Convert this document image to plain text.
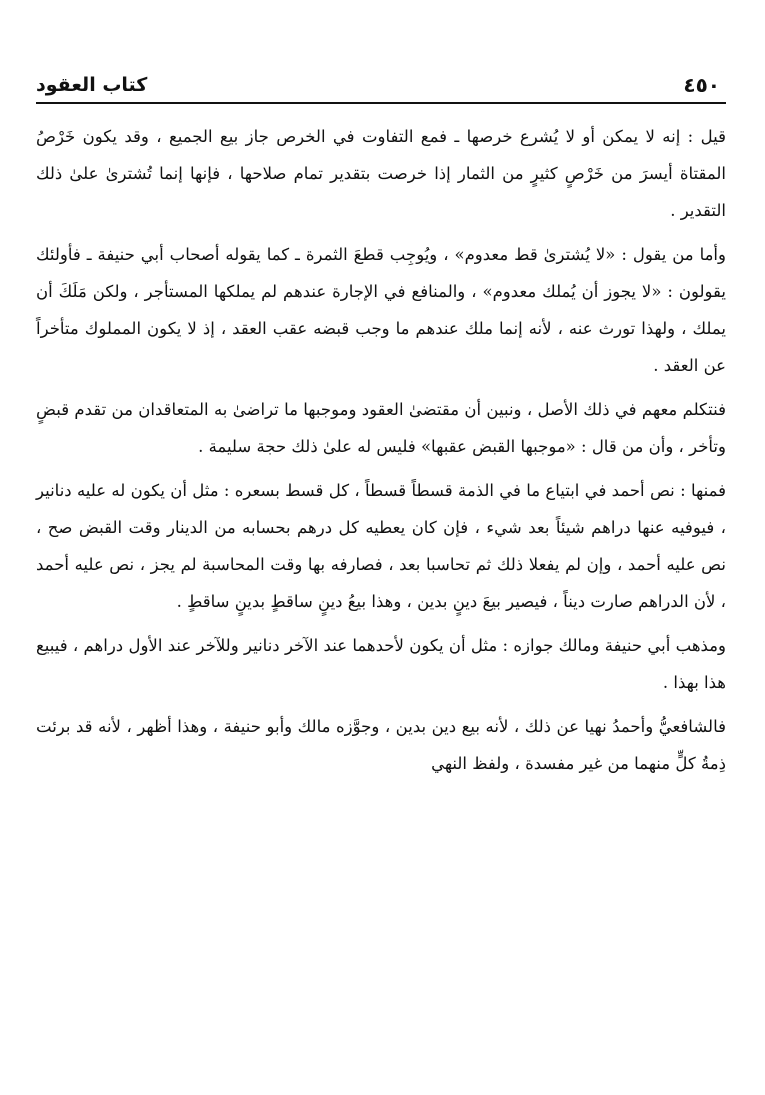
٤٥٠
كتاب العقود

قيل : إنه لا يمكن أو لا يُشرع خرصها ـ فمع التفاوت في الخرص جاز بيع الجميع ، وقد يكون خَرْصُ المقتاة أيسرَ من خَرْصٍ كثيرٍ من الثمار إذا خرصت بتقدير تمام صلاحها ، فإنها إنما تُشترىٰ علىٰ ذلك التقدير .

وأما من يقول : «لا يُشترىٰ قط معدوم» ، ويُوجِب قطعَ الثمرة ـ كما يقوله أصحاب أبي حنيفة ـ فأولئك يقولون : «لا يجوز أن يُملك معدوم» ، والمنافع في الإجارة عندهم لم يملكها المستأجر ، ولكن مَلَكَ أن يملك ، ولهذا تورث عنه ، لأنه إنما ملك عندهم ما وجب قبضه عقب العقد ، إذ لا يكون المملوك متأخراً عن العقد .

فنتكلم معهم في ذلك الأصل ، ونبين أن مقتضىٰ العقود وموجبها ما تراضىٰ به المتعاقدان من تقدم قبضٍ وتأخر ، وأن من قال : «موجبها القبض عقبها» فليس له علىٰ ذلك حجة سليمة .

فمنها : نص أحمد في ابتياع ما في الذمة قسطاً قسطاً ، كل قسط بسعره : مثل أن يكون له عليه دنانير ، فيوفيه عنها دراهم شيئاً بعد شيء ، فإن كان يعطيه كل درهم بحسابه من الدينار وقت القبض صح ، نص عليه أحمد ، وإن لم يفعلا ذلك ثم تحاسبا بعد ، فصارفه بها وقت المحاسبة لم يجز ، نص عليه أحمد ، لأن الدراهم صارت ديناً ، فيصير بيعَ دينٍ بدين ، وهذا بيعُ دينٍ ساقطٍ بدينٍ ساقطٍ .

ومذهب أبي حنيفة ومالك جوازه : مثل أن يكون لأحدهما عند الآخر دنانير وللآخر عند الأول دراهم ، فيبيع هذا بهذا .

فالشافعيُّ وأحمدُ نهيا عن ذلك ، لأنه بيع دين بدين ، وجوَّزه مالك وأبو حنيفة ، وهذا أظهر ، لأنه قد برئت ذِمةُ كلٍّ منهما من غير مفسدة ، ولفظ النهي
